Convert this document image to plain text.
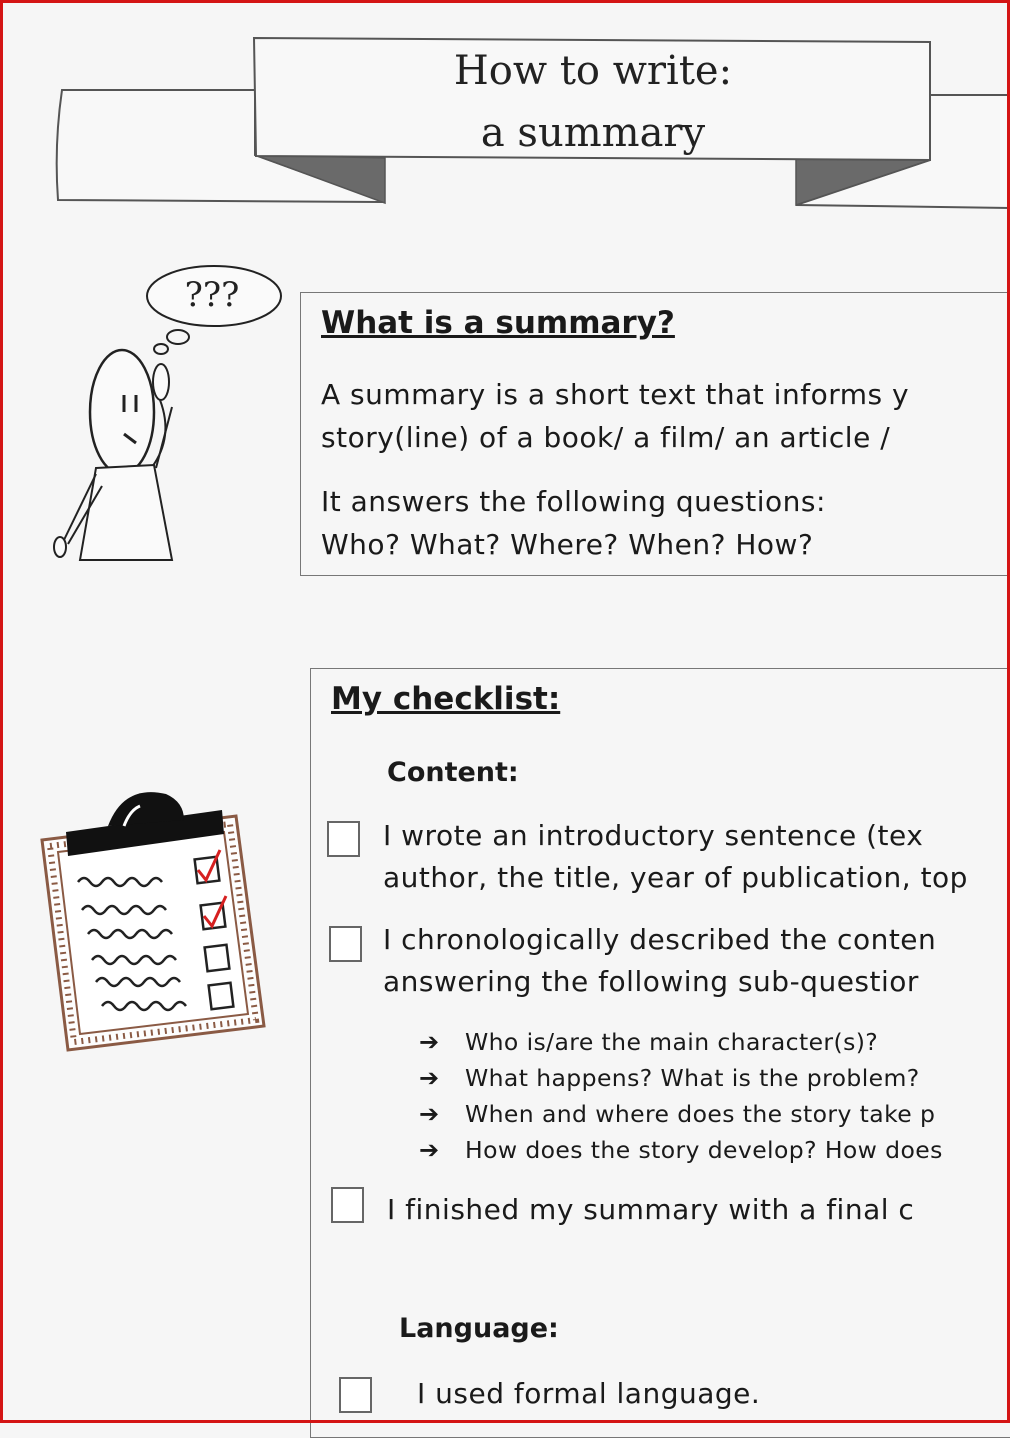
How to write:
a summary
???
What is a summary?
A summary is a short text that informs y
story(line) of a book/ a film/ an article /
It answers the following questions:
Who? What? Where? When? How?
My checklist:
Content:
I wrote an introductory sentence (tex
author, the title, year of publication, top
I chronologically described the conten
answering the following sub-questior
➔ Who is/are the main character(s)?
➔ What happens? What is the problem?
➔ When and where does the story take p
➔ How does the story develop? How does
I finished my summary with a final c
Language:
I used formal language.
